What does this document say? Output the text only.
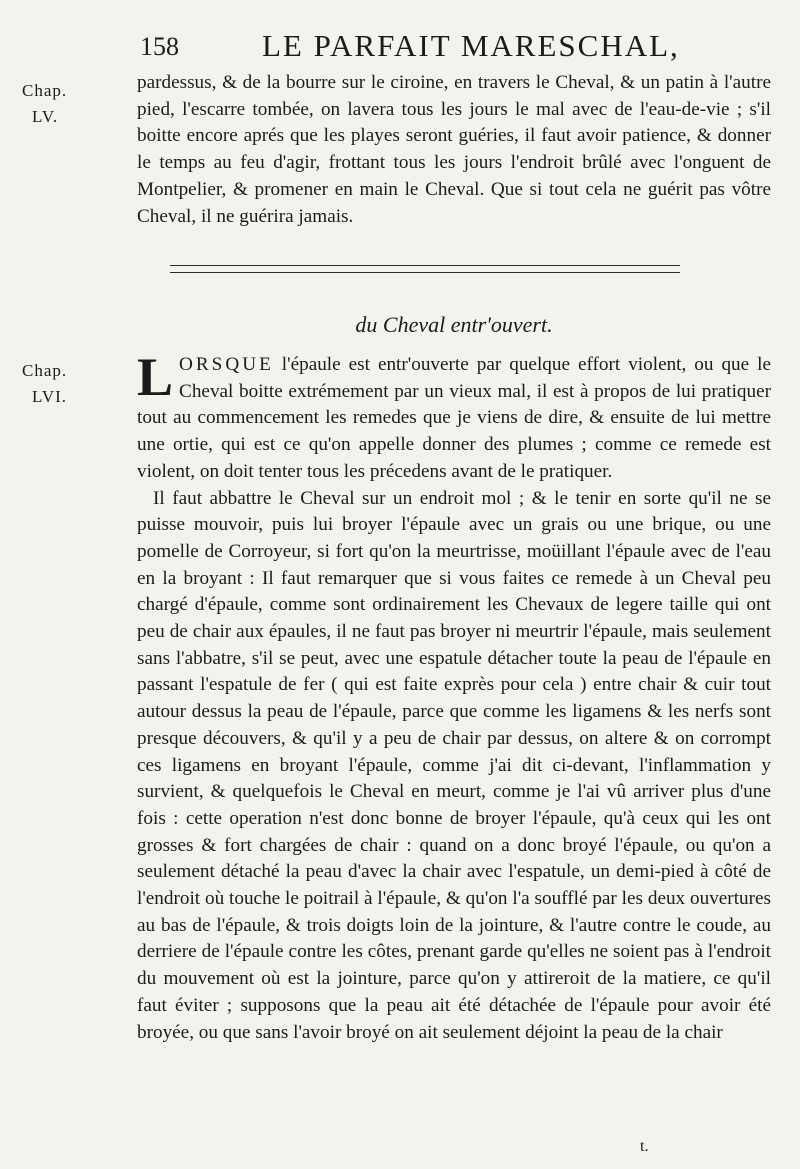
158	LE PARFAIT MARESCHAL,
Chap.
LV.

pardessus, & de la bourre sur le ciroine, en travers le Cheval, & un patin à l'autre pied, l'escarre tombée, on lavera tous les jours le mal avec de l'eau-de-vie ; s'il boitte encore aprés que les playes seront guéries, il faut avoir patience, & donner le temps au feu d'agir, frottant tous les jours l'endroit brûlé avec l'onguent de Montpelier, & promener en main le Cheval. Que si tout cela ne guérit pas vôtre Cheval, il ne guérira jamais.

du Cheval entr'ouvert.
Chap.
LVI. LORSQUE l'épaule est entr'ouverte par quelque effort violent, ou que le Cheval boitte extrémement par un vieux mal, il est à propos de lui pratiquer tout au commencement les remedes que je viens de dire, & ensuite de lui mettre une ortie, qui est ce qu'on appelle donner des plumes ; comme ce remede est violent, on doit tenter tous les précedens avant de le pratiquer.

Il faut abbattre le Cheval sur un endroit mol ; & le tenir en sorte qu'il ne se puisse mouvoir, puis lui broyer l'épaule avec un grais ou une brique, ou une pomelle de Corroyeur, si fort qu'on la meurtrisse, moüillant l'épaule avec de l'eau en la broyant : Il faut remarquer que si vous faites ce remede à un Cheval peu chargé d'épaule, comme sont ordinairement les Chevaux de legere taille qui ont peu de chair aux épaules, il ne faut pas broyer ni meurtrir l'épaule, mais seulement sans l'abbatre, s'il se peut, avec une espatule détacher toute la peau de l'épaule en passant l'espatule de fer ( qui est faite exprès pour cela ) entre chair & cuir tout autour dessus la peau de l'épaule, parce que comme les ligamens & les nerfs sont presque découvers, & qu'il y a peu de chair par dessus, on altere & on corrompt ces ligamens en broyant l'épaule, comme j'ai dit ci-devant, l'inflammation y survient, & quelquefois le Cheval en meurt, comme je l'ai vû arriver plus d'une fois : cette operation n'est donc bonne de broyer l'épaule, qu'à ceux qui les ont grosses & fort chargées de chair : quand on a donc broyé l'épaule, ou qu'on a seulement détaché la peau d'avec la chair avec l'espatule, un demi-pied à côté de l'endroit où touche le poitrail à l'épaule, & qu'on l'a soufflé par les deux ouvertures au bas de l'épaule, & trois doigts loin de la jointure, & l'autre contre le coude, au derriere de l'épaule contre les côtes, prenant garde qu'elles ne soient pas à l'endroit du mouvement où est la jointure, parce qu'on y attireroit de la matiere, ce qu'il faut éviter ; supposons que la peau ait été détachée de l'épaule pour avoir été broyée, ou que sans l'avoir broyé on ait seulement déjoint la peau de la chair

t.
